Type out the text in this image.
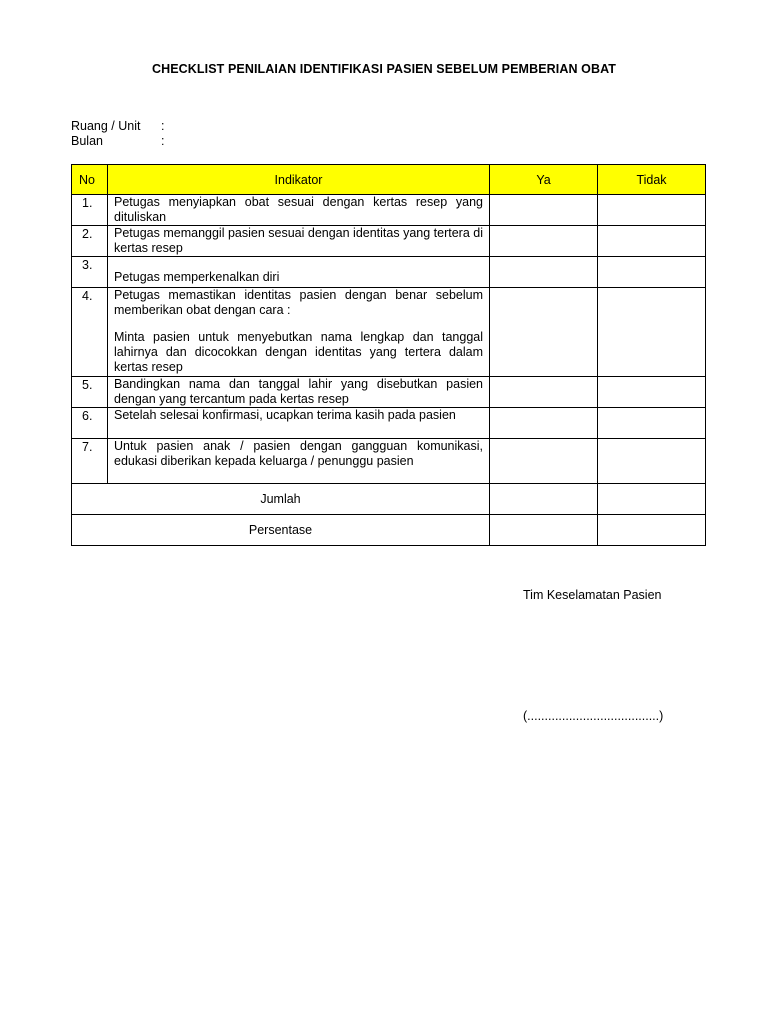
CHECKLIST PENILAIAN IDENTIFIKASI PASIEN SEBELUM PEMBERIAN OBAT
Ruang / Unit :
Bulan	:
No	Indikator	Ya	Tidak
1.	Petugas menyiapkan obat sesuai dengan kertas resep yang dituliskan		
2.	Petugas memanggil pasien sesuai dengan identitas yang tertera di kertas resep		
3.	Petugas memperkenalkan diri		
4.	Petugas memastikan identitas pasien dengan benar sebelum memberikan obat dengan cara :

Minta pasien untuk menyebutkan nama lengkap dan tanggal lahirnya dan dicocokkan dengan identitas yang tertera dalam kertas resep		

5.	Bandingkan nama dan tanggal lahir yang disebutkan pasien dengan yang tercantum pada kertas resep		
6.	Setelah selesai konfirmasi, ucapkan terima kasih pada pasien		
7.	Untuk pasien anak / pasien dengan gangguan komunikasi, edukasi diberikan kepada keluarga / penunggu pasien		
Jumlah			
Persentase			
Tim Keselamatan Pasien
(......................................)
